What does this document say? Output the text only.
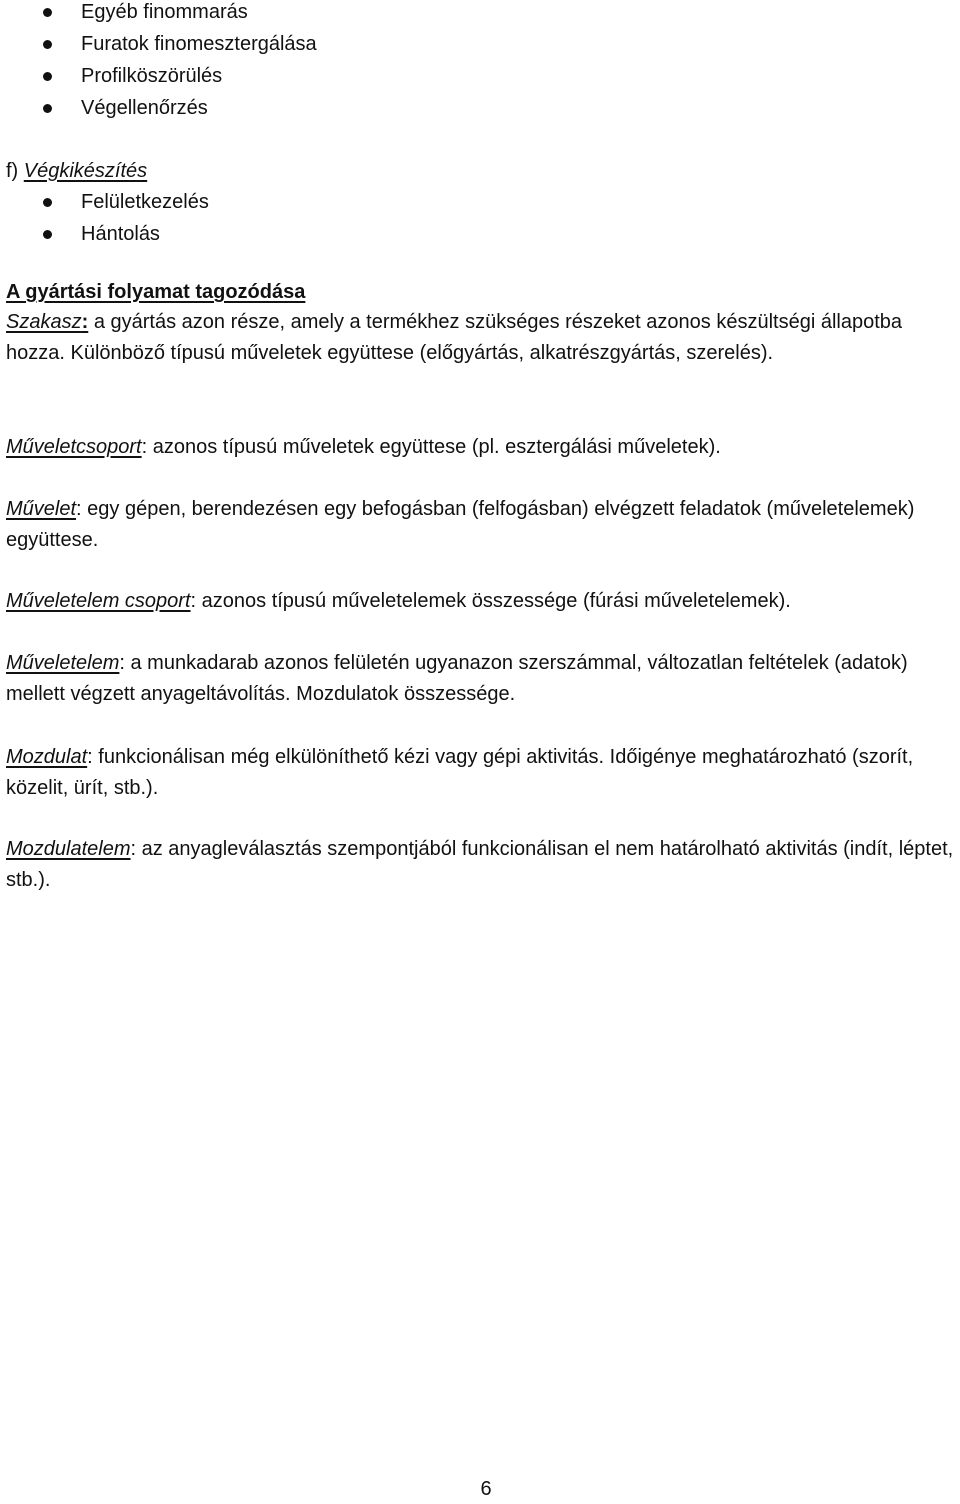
Egyéb finommarás
Furatok finomesztergálása
Profilköszörülés
Végellenőrzés
f) Végkikészítés
Felületkezelés
Hántolás
A gyártási folyamat tagozódása

Szakasz: a gyártás azon része, amely a termékhez szükséges részeket azonos készültségi állapotba hozza. Különböző típusú műveletek együttese (előgyártás, alkatrészgyártás, szerelés).

Műveletcsoport: azonos típusú műveletek együttese (pl. esztergálási műveletek).

Művelet: egy gépen, berendezésen egy befogásban (felfogásban) elvégzett feladatok (műveletelemek) együttese.

Műveletelem csoport: azonos típusú műveletelemek összessége (fúrási műveletelemek).

Műveletelem: a munkadarab azonos felületén ugyanazon szerszámmal, változatlan feltételek (adatok) mellett végzett anyageltávolítás. Mozdulatok összessége.

Mozdulat: funkcionálisan még elkülöníthető kézi vagy gépi aktivitás. Időigénye meghatározható (szorít, közelit, ürít, stb.).

Mozdulatelem: az anyagleválasztás szempontjából funkcionálisan el nem határolható aktivitás (indít, léptet, stb.).

6
